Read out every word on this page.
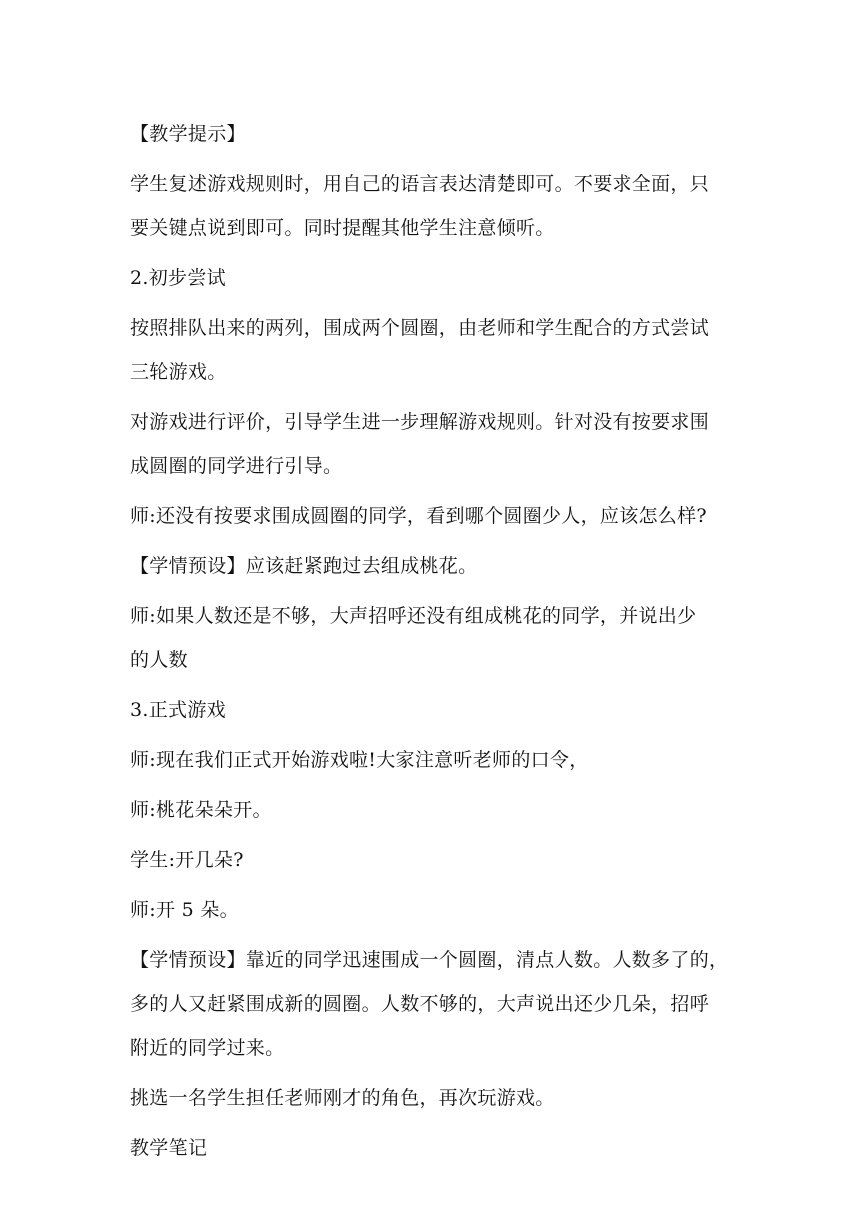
【教学提示】

学生复述游戏规则时，用自己的语言表达清楚即可。不要求全面，只
要关键点说到即可。同时提醒其他学生注意倾听。

2.初步尝试

按照排队出来的两列，围成两个圆圈，由老师和学生配合的方式尝试
三轮游戏。

对游戏进行评价，引导学生进一步理解游戏规则。针对没有按要求围
成圆圈的同学进行引导。

师:还没有按要求围成圆圈的同学，看到哪个圆圈少人，应该怎么样?

【学情预设】应该赶紧跑过去组成桃花。

师:如果人数还是不够，大声招呼还没有组成桃花的同学，并说出少
的人数

3.正式游戏

师:现在我们正式开始游戏啦!大家注意听老师的口令，

师:桃花朵朵开。

学生:开几朵?

师:开 5 朵。

【学情预设】靠近的同学迅速围成一个圆圈，清点人数。人数多了的，
多的人又赶紧围成新的圆圈。人数不够的，大声说出还少几朵，招呼
附近的同学过来。

挑选一名学生担任老师刚才的角色，再次玩游戏。

教学笔记
